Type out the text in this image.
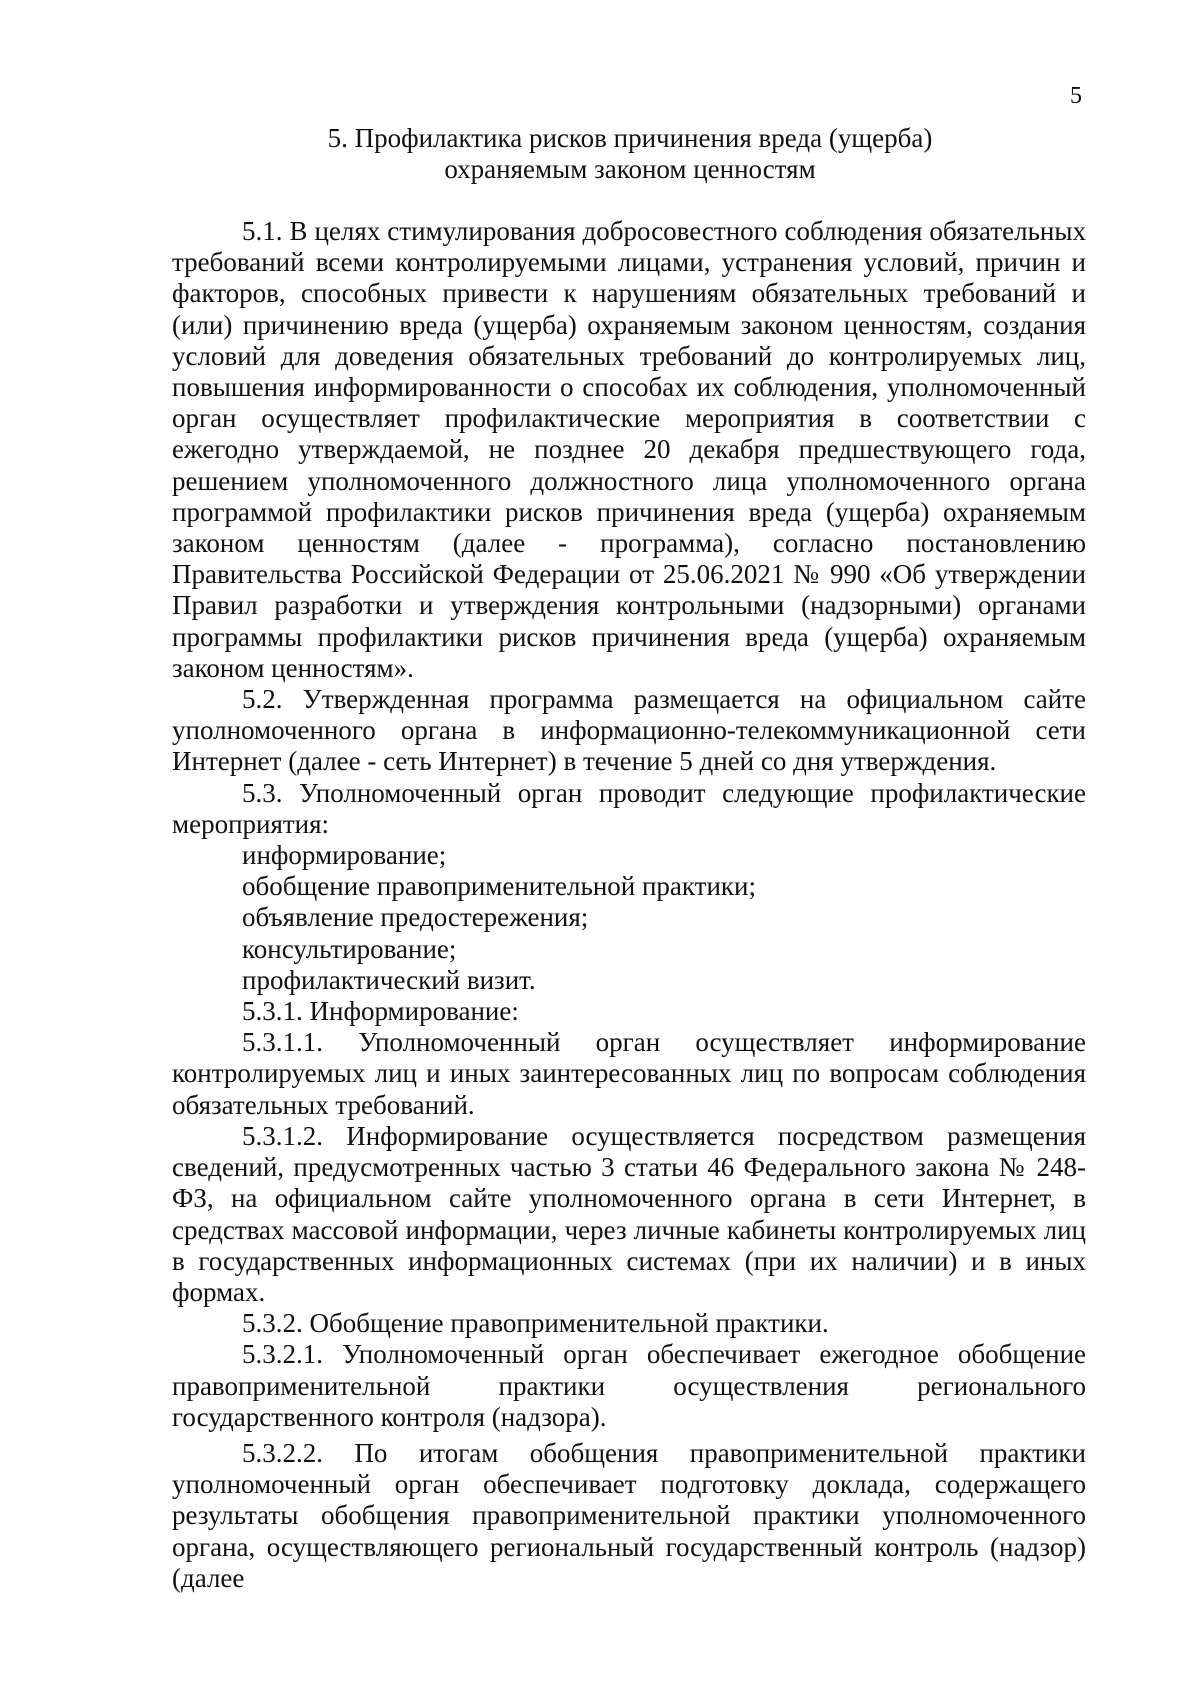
5
5. Профилактика рисков причинения вреда (ущерба)
охраняемым законом ценностям

5.1. В целях стимулирования добросовестного соблюдения обязательных требований всеми контролируемыми лицами, устранения условий, причин и факторов, способных привести к нарушениям обязательных требований и (или) причинению вреда (ущерба) охраняемым законом ценностям, создания условий для доведения обязательных требований до контролируемых лиц, повышения информированности о способах их соблюдения, уполномоченный орган осуществляет профилактические мероприятия в соответствии с ежегодно утверждаемой, не позднее 20 декабря предшествующего года, решением уполномоченного должностного лица уполномоченного органа программой профилактики рисков причинения вреда (ущерба) охраняемым законом ценностям (далее - программа), согласно постановлению Правительства Российской Федерации от 25.06.2021 № 990 «Об утверждении Правил разработки и утверждения контрольными (надзорными) органами программы профилактики рисков причинения вреда (ущерба) охраняемым законом ценностям».

5.2. Утвержденная программа размещается на официальном сайте уполномоченного органа в информационно-телекоммуникационной сети Интернет (далее - сеть Интернет) в течение 5 дней со дня утверждения.

5.3. Уполномоченный орган проводит следующие профилактические мероприятия:

информирование;

обобщение правоприменительной практики;

объявление предостережения;

консультирование;

профилактический визит.

5.3.1. Информирование:

5.3.1.1. Уполномоченный орган осуществляет информирование контролируемых лиц и иных заинтересованных лиц по вопросам соблюдения обязательных требований.

5.3.1.2. Информирование осуществляется посредством размещения сведений, предусмотренных частью 3 статьи 46 Федерального закона № 248-ФЗ, на официальном сайте уполномоченного органа в сети Интернет, в средствах массовой информации, через личные кабинеты контролируемых лиц в государственных информационных системах (при их наличии) и в иных формах.

5.3.2. Обобщение правоприменительной практики.

5.3.2.1. Уполномоченный орган обеспечивает ежегодное обобщение правоприменительной практики осуществления регионального государственного контроля (надзора).

5.3.2.2. По итогам обобщения правоприменительной практики уполномоченный орган обеспечивает подготовку доклада, содержащего результаты обобщения правоприменительной практики уполномоченного органа, осуществляющего региональный государственный контроль (надзор) (далее
